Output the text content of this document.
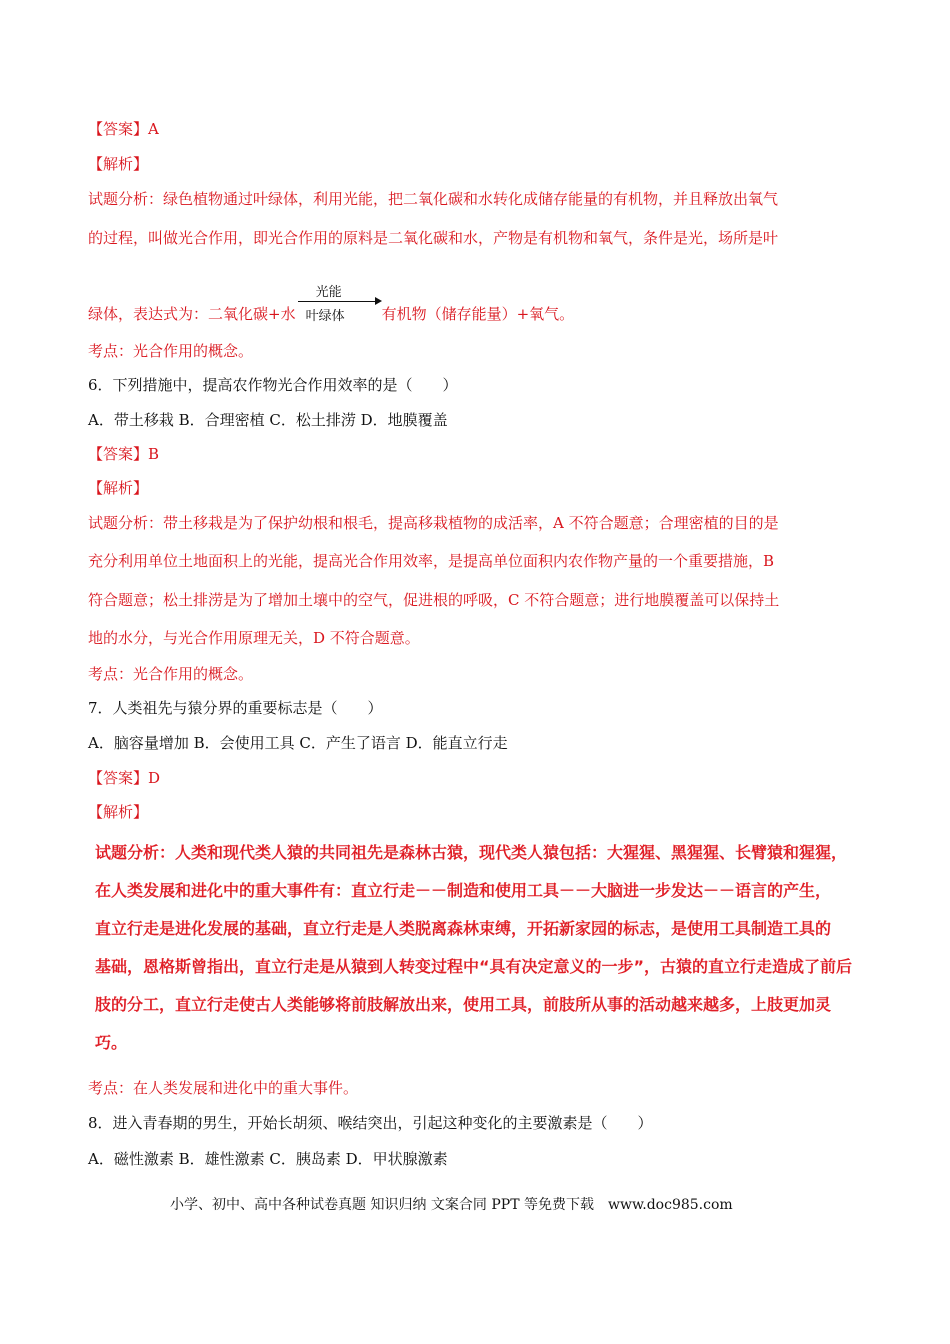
【答案】A
【解析】
试题分析：绿色植物通过叶绿体，利用光能，把二氧化碳和水转化成储存能量的有机物，并且释放出氧气
的过程，叫做光合作用，即光合作用的原料是二氧化碳和水，产物是有机物和氧气，条件是光，场所是叶
绿体，表达式为：二氧化碳+水
光能
叶绿体 有机物（储存能量）+氧气。
考点：光合作用的概念。
6．下列措施中，提高农作物光合作用效率的是（　　）
A．带土移栽 B．合理密植 C．松土排涝 D．地膜覆盖
【答案】B
【解析】
试题分析：带土移栽是为了保护幼根和根毛，提高移栽植物的成活率，A 不符合题意；合理密植的目的是
充分利用单位土地面积上的光能，提高光合作用效率，是提高单位面积内农作物产量的一个重要措施，B
符合题意；松土排涝是为了增加土壤中的空气，促进根的呼吸，C 不符合题意；进行地膜覆盖可以保持土
地的水分，与光合作用原理无关，D 不符合题意。
考点：光合作用的概念。
7．人类祖先与猿分界的重要标志是（　　）
A．脑容量增加 B．会使用工具 C．产生了语言 D．能直立行走
【答案】D
【解析】
试题分析：人类和现代类人猿的共同祖先是森林古猿，现代类人猿包括：大猩猩、黑猩猩、长臂猿和猩猩，
在人类发展和进化中的重大事件有：直立行走－－制造和使用工具－－大脑进一步发达－－语言的产生，
直立行走是进化发展的基础，直立行走是人类脱离森林束缚，开拓新家园的标志，是使用工具制造工具的
基础，恩格斯曾指出，直立行走是从猿到人转变过程中“具有决定意义的一步”，古猿的直立行走造成了前后
肢的分工，直立行走使古人类能够将前肢解放出来，使用工具，前肢所从事的活动越来越多，上肢更加灵
巧。
考点：在人类发展和进化中的重大事件。
8．进入青春期的男生，开始长胡须、喉结突出，引起这种变化的主要激素是（　　）
A．磁性激素 B．雄性激素 C．胰岛素 D．甲状腺激素
小学、初中、高中各种试卷真题 知识归纳 文案合同 PPT 等免费下载　www.doc985.com
